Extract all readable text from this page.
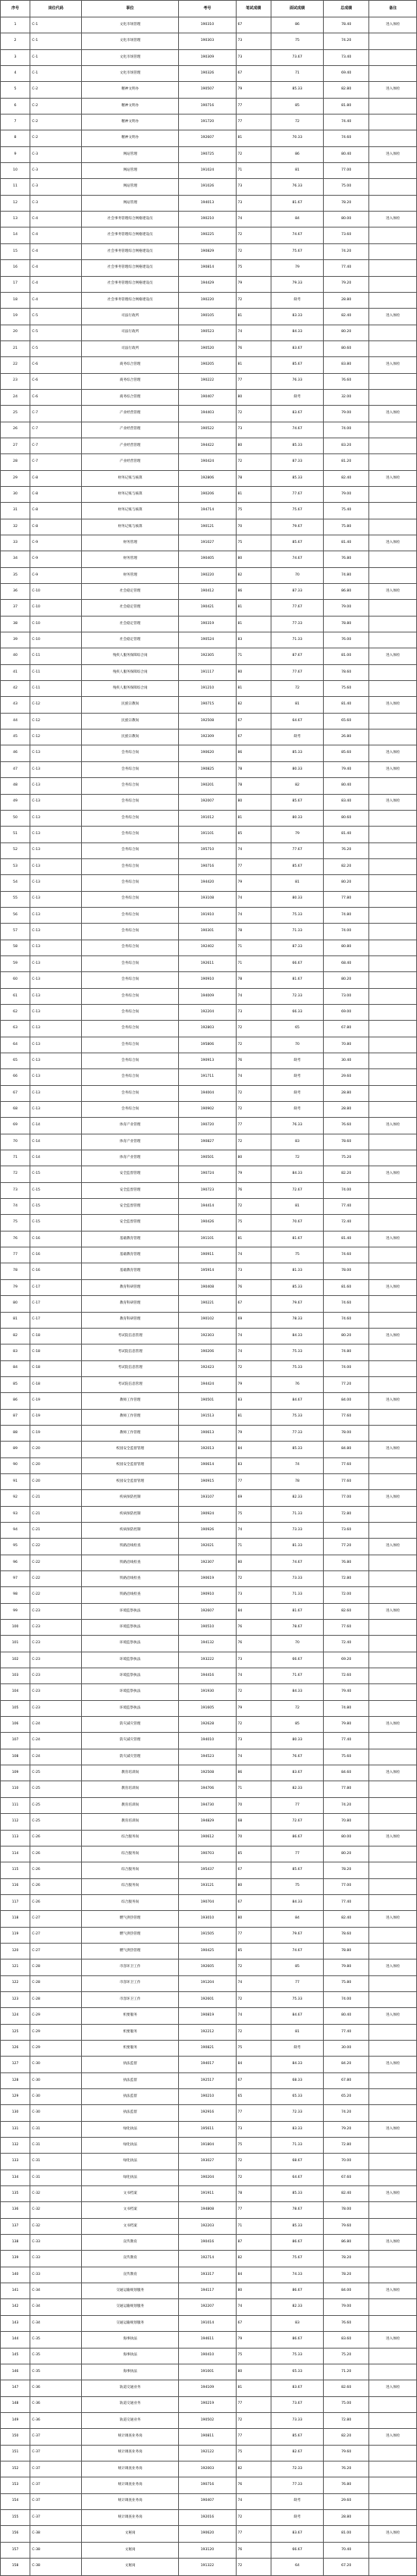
序号	岗位代码	职位	考号	笔试成绩	面试成绩	总成绩	备注
1	C-1	文化市场管理	190310	67	86	78.40	进入体检
2	C-1	文化市场管理	190303	73	75	74.20	
3	C-1	文化市场管理	190309	73	73.67	73.40	
4	C-1	文化市场管理	190326	67	71	69.40	
5	C-2	精神文明办	190507	79	85.33	82.80	进入体检
6	C-2	精神文明办	190716	77	85	81.80	
7	C-2	精神文明办	191720	77	72	74.40	
8	C-2	精神文明办	192607	81	70.33	74.60	
9	C-3	网站管理	190725	72	86	80.40	进入体检
10	C-3	网站管理	191024	71	81	77.00	
11	C-3	网站管理	191026	73	76.33	75.00	
12	C-3	网站管理	194013	73	81.67	78.20	
13	C-4	社会事务管理综合网格建设员	190210	74	84	80.00	进入体检
14	C-4	社会事务管理综合网格建设员	190225	72	74.67	73.60	
15	C-4	社会事务管理综合网格建设员	190829	72	75.67	74.20	
16	C-4	社会事务管理综合网格建设员	190814	75	79	77.40	
17	C-4	社会事务管理综合网格建设员	194429	79	79.33	79.20	
18	C-4	社会事务管理综合网格建设员	190220	72	缺考	28.80	
19	C-5	司法行政所	190105	81	83.33	82.40	进入体检
20	C-5	司法行政所	190523	74	84.33	80.20	
21	C-5	司法行政所	190520	76	83.67	80.60	
22	C-6	商务综合管理	190205	81	85.67	83.80	进入体检
23	C-6	商务综合管理	190222	77	76.33	76.60	
24	C-6	商务综合管理	190407	80	缺考	32.00	
25	C-7	产业经营管理	194403	72	83.67	79.00	进入体检
26	C-7	产业经营管理	190522	73	74.67	74.00	
27	C-7	产业经营管理	194422	80	85.33	83.20	
28	C-7	产业经营管理	190424	72	87.33	81.20	
29	C-8	财务记账与核算	192806	78	85.33	82.40	进入体检
30	C-8	财务记账与核算	190206	81	77.67	79.00	
31	C-8	财务记账与核算	194714	75	75.67	75.40	
32	C-8	财务记账与核算	190121	70	79.67	75.80	
33	C-9	财务管理	191027	75	85.67	81.40	进入体检
34	C-9	财务管理	190405	80	74.67	76.80	
35	C-9	财务管理	190220	82	70	74.80	
36	C-10	社会稳定管理	190412	86	87.33	86.80	进入体检
37	C-10	社会稳定管理	190421	81	77.67	79.00	
38	C-10	社会稳定管理	190319	81	77.33	78.80	
39	C-10	社会稳定管理	190524	83	71.33	76.00	
40	C-11	残疾人服务保障综合岗	192305	71	87.67	81.00	进入体检
41	C-11	残疾人服务保障综合岗	191117	80	77.67	78.60	
42	C-11	残疾人服务保障综合岗	191210	81	72	75.60	
43	C-12	民族宗教岗	190715	82	81	81.40	进入体检
44	C-12	民族宗教岗	192508	67	64.67	65.60	
45	C-12	民族宗教岗	192309	67	缺考	26.80	
46	C-13	会务综合岗	190620	86	85.33	85.60	进入体检
47	C-13	会务综合岗	190825	78	80.33	79.40	进入体检
48	C-13	会务综合岗	190201	78	82	80.40	
49	C-13	会务综合岗	192007	80	85.67	83.40	进入体检
50	C-13	会务综合岗	191012	81	80.33	80.60	
51	C-13	会务综合岗	191101	85	79	81.40	
52	C-13	会务综合岗	195710	74	77.67	76.20	
53	C-13	会务综合岗	190716	77	85.67	82.20	
54	C-13	会务综合岗	194420	79	81	80.20	
55	C-13	会务综合岗	193108	74	80.33	77.80	
56	C-13	会务综合岗	191910	74	75.33	74.80	
57	C-13	会务综合岗	190301	78	71.33	74.00	
58	C-13	会务综合岗	192402	71	87.33	80.80	
59	C-13	会务综合岗	192611	71	66.67	68.40	
60	C-13	会务综合岗	190910	78	81.67	80.20	
61	C-13	会务综合岗	194009	74	72.33	73.00	
62	C-13	会务综合岗	192204	73	66.33	69.00	
63	C-13	会务综合岗	192803	72	65	67.80	
64	C-13	会务综合岗	195806	72	70	70.80	
65	C-13	会务综合岗	190913	76	缺考	30.40	
66	C-13	会务综合岗	191711	74	缺考	29.60	
67	C-13	会务综合岗	194004	72	缺考	28.80	
68	C-13	会务综合岗	190902	72	缺考	28.80	
69	C-14	体育产业管理	190720	77	76.33	76.60	进入体检
70	C-14	体育产业管理	190827	72	83	78.60	
71	C-14	体育产业管理	190501	80	72	75.20	
72	C-15	安全监督管理	190724	79	84.33	82.20	进入体检
73	C-15	安全监督管理	190723	76	72.67	74.00	
74	C-15	安全监督管理	194414	72	81	77.40	
75	C-15	安全监督管理	190426	75	70.67	72.40	
76	C-16	基础教育管理	191101	81	81.67	81.40	进入体检
77	C-16	基础教育管理	190911	74	75	74.60	
78	C-16	基础教育管理	195914	73	81.33	78.00	
79	C-17	教育科研管理	190408	76	85.33	81.60	进入体检
80	C-17	教育科研管理	190221	67	79.67	74.60	
81	C-17	教育科研管理	190102	69	78.33	74.60	
82	C-18	考试院信息管理	192303	74	84.33	80.20	进入体检
83	C-18	考试院信息管理	190206	74	75.33	74.80	
84	C-18	考试院信息管理	192423	72	75.33	74.00	
85	C-18	考试院信息管理	194424	79	76	77.20	
86	C-19	教师工作管理	190501	83	84.67	84.00	进入体检
87	C-19	教师工作管理	191513	81	75.33	77.60	
88	C-19	教师工作管理	190613	79	77.33	78.00	
89	C-20	校园安全监督管理	192013	84	85.33	84.80	进入体检
90	C-20	校园安全监督管理	190614	83	74	77.60	
91	C-20	校园安全监督管理	190915	77	78	77.60	
92	C-21	疾病预防控制	193107	69	82.33	77.00	进入体检
93	C-21	疾病预防控制	190924	75	71.33	72.80	
94	C-21	疾病预防控制	190926	74	73.33	73.60	
95	C-22	铁路沿线检查	192021	71	81.33	77.20	进入体检
96	C-22	铁路沿线检查	192307	80	74.67	76.80	
97	C-22	铁路沿线检查	190619	72	73.33	72.80	
98	C-22	铁路沿线检查	190910	73	71.33	72.00	
99	C-23	环境监察执法	192607	84	81.67	82.60	进入体检
100	C-23	环境监察执法	190510	76	78.67	77.60	
101	C-23	环境监察执法	194132	76	70	72.40	
102	C-23	环境监察执法	193222	73	66.67	69.20	
103	C-23	环境监察执法	194416	74	71.67	72.60	
104	C-23	环境监察执法	191930	72	84.33	79.40	
105	C-23	环境监察执法	191605	79	72	74.80	
106	C-24	防灾减灾管理	192628	72	85	79.80	进入体检
107	C-24	防灾减灾管理	194010	73	80.33	77.40	
108	C-24	防灾减灾管理	194523	74	76.67	75.60	
109	C-25	教育培训岗	192508	86	83.67	84.60	进入体检
110	C-25	教育培训岗	194706	71	82.33	77.80	
111	C-25	教育培训岗	194730	70	77	74.20	
112	C-25	教育培训岗	194829	68	72.67	70.80	
113	C-26	综合服务岗	190612	70	86.67	80.00	进入体检
114	C-26	综合服务岗	190703	85	77	80.20	
115	C-26	综合服务岗	195437	67	85.67	78.20	
116	C-26	综合服务岗	193121	80	75	77.00	
117	C-26	综合服务岗	190704	67	84.33	77.40	
118	C-27	燃气供热管理	193010	80	84	82.40	进入体检
119	C-27	燃气供热管理	191505	77	79.67	78.60	
120	C-27	燃气供热管理	190425	85	74.67	78.80	
121	C-28	市容环卫工作	192605	72	85	79.80	进入体检
122	C-28	市容环卫工作	191204	74	77	75.80	
123	C-28	市容环卫工作	192601	72	75.33	74.00	
124	C-29	机要服务	190819	74	84.67	80.40	进入体检
125	C-29	机要服务	192212	72	81	77.40	
126	C-29	机要服务	190821	75	缺考	30.00	
127	C-30	执法监督	194017	84	84.33	84.20	进入体检
128	C-30	执法监督	192517	67	68.33	67.80	
129	C-30	执法监督	190210	65	65.33	65.20	
130	C-30	执法监督	192916	77	72.33	74.20	
131	C-31	绿化执法	195611	73	83.33	79.20	进入体检
132	C-31	绿化执法	191804	75	71.33	72.80	
133	C-31	绿化执法	193027	72	68.67	70.00	
134	C-31	绿化执法	190204	72	64.67	67.60	
135	C-32	文书档案	191911	78	85.33	82.40	进入体检
136	C-32	文书档案	194808	77	78.67	78.00	
137	C-32	文书档案	192203	71	85.33	79.60	
138	C-33	宣传教育	190416	87	86.67	86.80	进入体检
139	C-33	宣传教育	192714	82	75.67	78.20	
140	C-33	宣传教育	193317	84	74.33	78.20	
141	C-34	交通运输规划服务	194117	80	86.67	84.00	进入体检
142	C-34	交通运输规划服务	192207	74	82.33	79.00	
143	C-34	交通运输规划服务	191014	67	83	76.60	
144	C-35	海事执法	194611	79	86.67	83.60	进入体检
145	C-35	海事执法	190410	75	75.33	75.20	
146	C-35	海事执法	191001	80	65.33	71.20	
147	C-36	轨道交通业务	194109	81	83.67	82.60	进入体检
148	C-36	轨道交通业务	190219	77	73.67	75.00	
149	C-36	轨道交通业务	190502	72	73.33	72.80	
150	C-37	统计调查业务岗	190811	77	85.67	82.20	进入体检
151	C-37	统计调查业务岗	192122	75	82.67	79.60	
152	C-37	统计调查业务岗	192003	82	72.33	76.20	
153	C-37	统计调查业务岗	190716	76	77.33	76.80	
154	C-37	统计调查业务岗	190407	74	缺考	29.60	
155	C-37	统计调查业务岗	192016	72	缺考	28.80	
156	C-38	文秘岗	190620	77	83.67	81.00	进入体检
157	C-38	文秘岗	193120	76	66.67	70.40	
158	C-38	文秘岗	191322	72	64	67.20	
